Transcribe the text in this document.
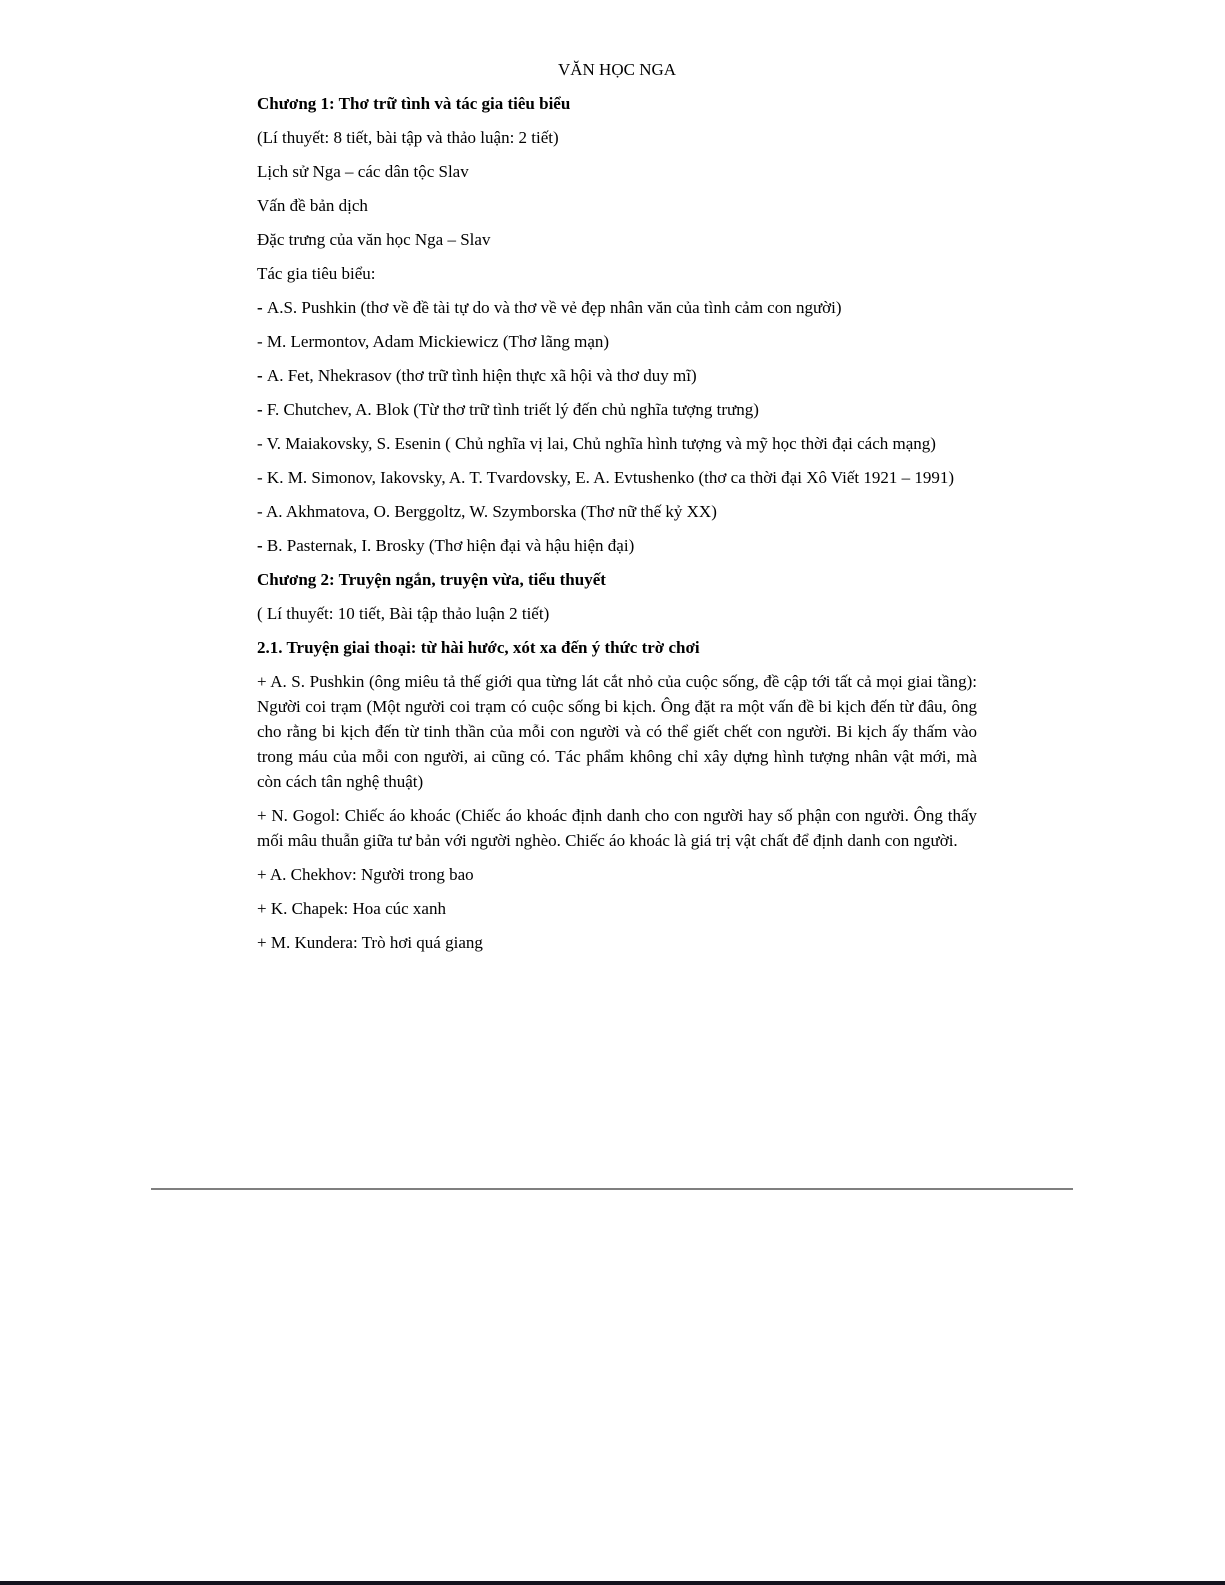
VĂN HỌC NGA

Chương 1: Thơ trữ tình và tác gia tiêu biểu

(Lí thuyết: 8 tiết, bài tập và thảo luận: 2 tiết)

Lịch sử Nga – các dân tộc Slav

Vấn đề bản dịch

Đặc trưng của văn học Nga – Slav

Tác gia tiêu biểu:

- A.S. Pushkin (thơ về đề tài tự do và thơ về vẻ đẹp nhân văn của tình cảm con người)

- M. Lermontov, Adam Mickiewicz (Thơ lãng mạn)

- A. Fet, Nhekrasov (thơ trữ tình hiện thực xã hội và thơ duy mĩ)

- F. Chutchev, A. Blok (Từ thơ trữ tình triết lý đến chủ nghĩa tượng trưng)

- V. Maiakovsky, S. Esenin ( Chủ nghĩa vị lai, Chủ nghĩa hình tượng và mỹ học thời đại cách mạng)

- K. M. Simonov, Iakovsky, A. T. Tvardovsky, E. A. Evtushenko (thơ ca thời đại Xô Viết 1921 – 1991)

- A. Akhmatova, O. Berggoltz, W. Szymborska (Thơ nữ thế kỷ XX)

- B. Pasternak, I. Brosky (Thơ hiện đại và hậu hiện đại)

Chương 2: Truyện ngắn, truyện vừa, tiểu thuyết

( Lí thuyết: 10 tiết, Bài tập thảo luận 2 tiết)

2.1. Truyện giai thoại: từ hài hước, xót xa đến ý thức trờ chơi

+ A. S. Pushkin (ông miêu tả thế giới qua từng lát cắt nhỏ của cuộc sống, đề cập tới tất cả mọi giai tầng): Người coi trạm (Một người coi trạm có cuộc sống bi kịch. Ông đặt ra một vấn đề bi kịch đến từ đâu, ông cho rằng bi kịch đến từ tinh thần của mỗi con người và có thể giết chết con người. Bi kịch ấy thấm vào trong máu của mỗi con người, ai cũng có. Tác phẩm không chỉ xây dựng hình tượng nhân vật mới, mà còn cách tân nghệ thuật)

+ N. Gogol: Chiếc áo khoác (Chiếc áo khoác định danh cho con người hay số phận con người. Ông thấy mối mâu thuẫn giữa tư bản với người nghèo. Chiếc áo khoác là giá trị vật chất để định danh con người.

+ A. Chekhov: Người trong bao

+ K. Chapek: Hoa cúc xanh

+ M. Kundera: Trò hơi quá giang
